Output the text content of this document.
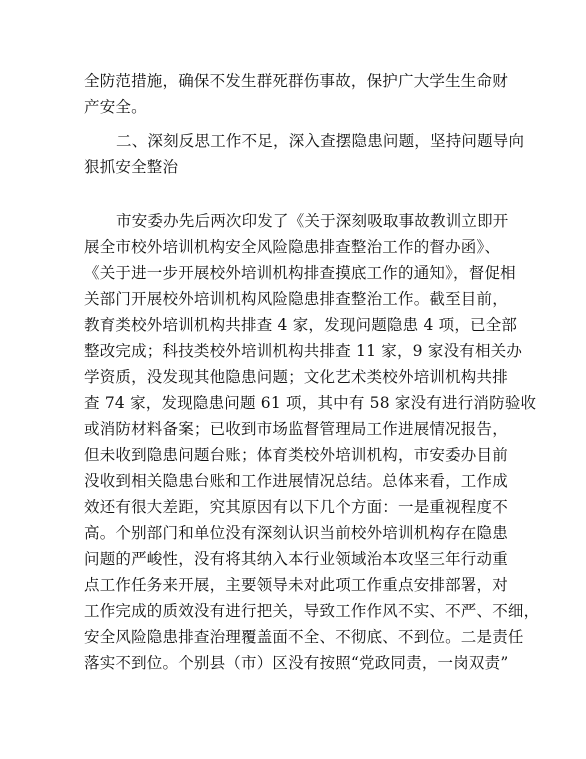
全防范措施，确保不发生群死群伤事故，保护广大学生生命财
产安全。
二、深刻反思工作不足，深入查摆隐患问题，坚持问题导向
狠抓安全整治
市安委办先后两次印发了《关于深刻吸取事故教训立即开
展全市校外培训机构安全风险隐患排查整治工作的督办函》、
《关于进一步开展校外培训机构排查摸底工作的通知》，督促相
关部门开展校外培训机构风险隐患排查整治工作。截至目前，
教育类校外培训机构共排查 4 家，发现问题隐患 4 项，已全部
整改完成；科技类校外培训机构共排查 11 家，9 家没有相关办
学资质，没发现其他隐患问题；文化艺术类校外培训机构共排
查 74 家，发现隐患问题 61 项，其中有 58 家没有进行消防验收
或消防材料备案；已收到市场监督管理局工作进展情况报告，
但未收到隐患问题台账；体育类校外培训机构，市安委办目前
没收到相关隐患台账和工作进展情况总结。总体来看，工作成
效还有很大差距，究其原因有以下几个方面：一是重视程度不
高。个别部门和单位没有深刻认识当前校外培训机构存在隐患
问题的严峻性，没有将其纳入本行业领域治本攻坚三年行动重
点工作任务来开展，主要领导未对此项工作重点安排部署，对
工作完成的质效没有进行把关，导致工作作风不实、不严、不细，
安全风险隐患排查治理覆盖面不全、不彻底、不到位。二是责任
落实不到位。个别县（市）区没有按照“党政同责，一岗双责”
